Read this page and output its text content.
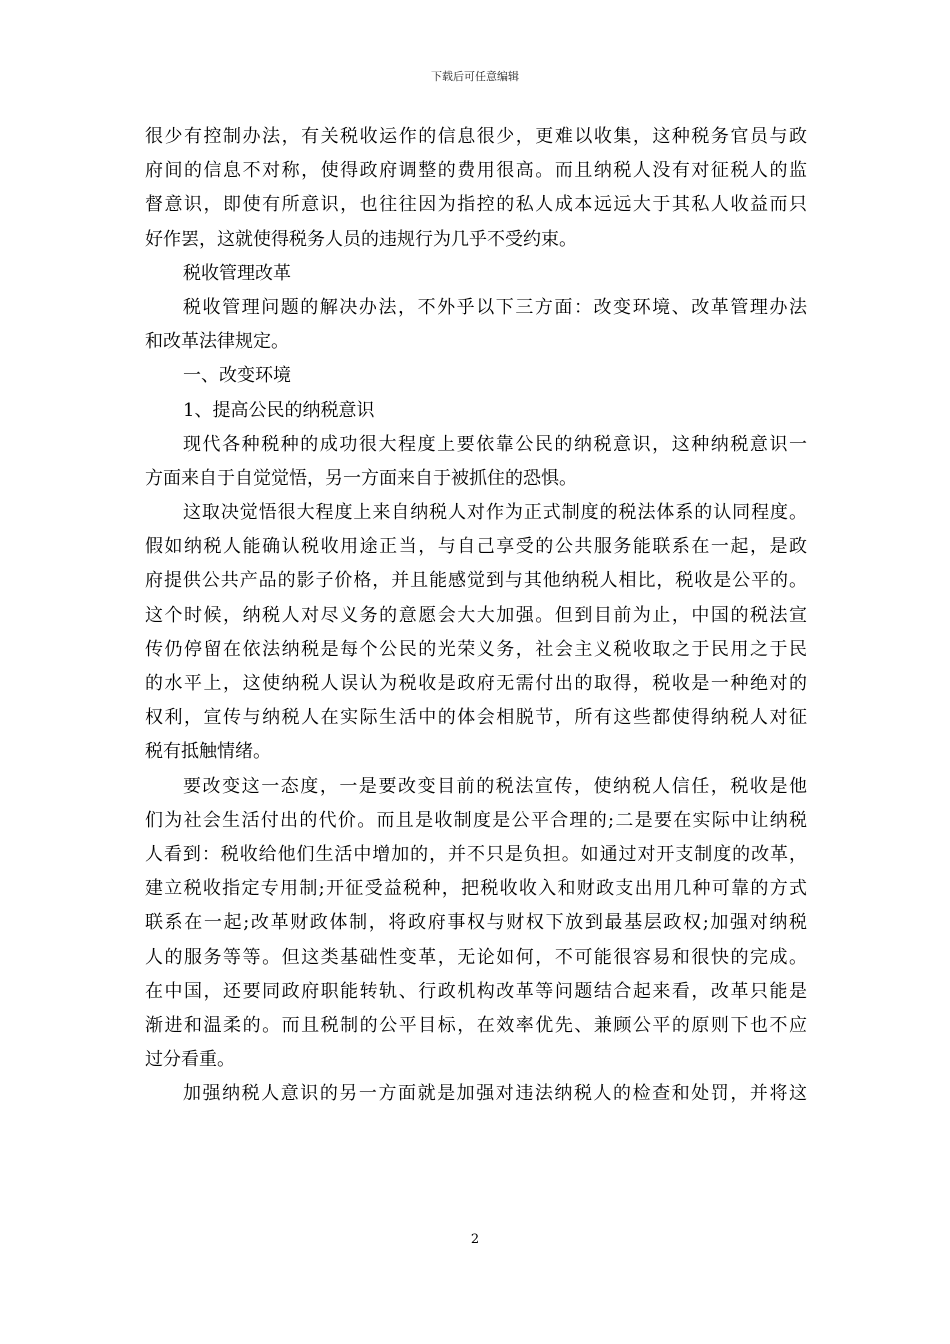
下载后可任意编辑
很少有控制办法，有关税收运作的信息很少，更难以收集，这种税务官员与政
府间的信息不对称，使得政府调整的费用很高。而且纳税人没有对征税人的监
督意识，即使有所意识，也往往因为指控的私人成本远远大于其私人收益而只
好作罢，这就使得税务人员的违规行为几乎不受约束。
税收管理改革
税收管理问题的解决办法，不外乎以下三方面：改变环境、改革管理办法
和改革法律规定。
一、改变环境
1、提高公民的纳税意识
现代各种税种的成功很大程度上要依靠公民的纳税意识，这种纳税意识一
方面来自于自觉觉悟，另一方面来自于被抓住的恐惧。
这取决觉悟很大程度上来自纳税人对作为正式制度的税法体系的认同程度。
假如纳税人能确认税收用途正当，与自己享受的公共服务能联系在一起，是政
府提供公共产品的影子价格，并且能感觉到与其他纳税人相比，税收是公平的。
这个时候，纳税人对尽义务的意愿会大大加强。但到目前为止，中国的税法宣
传仍停留在依法纳税是每个公民的光荣义务，社会主义税收取之于民用之于民
的水平上，这使纳税人误认为税收是政府无需付出的取得，税收是一种绝对的
权利，宣传与纳税人在实际生活中的体会相脱节，所有这些都使得纳税人对征
税有抵触情绪。
要改变这一态度，一是要改变目前的税法宣传，使纳税人信任，税收是他
们为社会生活付出的代价。而且是收制度是公平合理的;二是要在实际中让纳税
人看到：税收给他们生活中增加的，并不只是负担。如通过对开支制度的改革，
建立税收指定专用制;开征受益税种，把税收收入和财政支出用几种可靠的方式
联系在一起;改革财政体制，将政府事权与财权下放到最基层政权;加强对纳税
人的服务等等。但这类基础性变革，无论如何，不可能很容易和很快的完成。
在中国，还要同政府职能转轨、行政机构改革等问题结合起来看，改革只能是
渐进和温柔的。而且税制的公平目标，在效率优先、兼顾公平的原则下也不应
过分看重。
加强纳税人意识的另一方面就是加强对违法纳税人的检查和处罚，并将这
2
